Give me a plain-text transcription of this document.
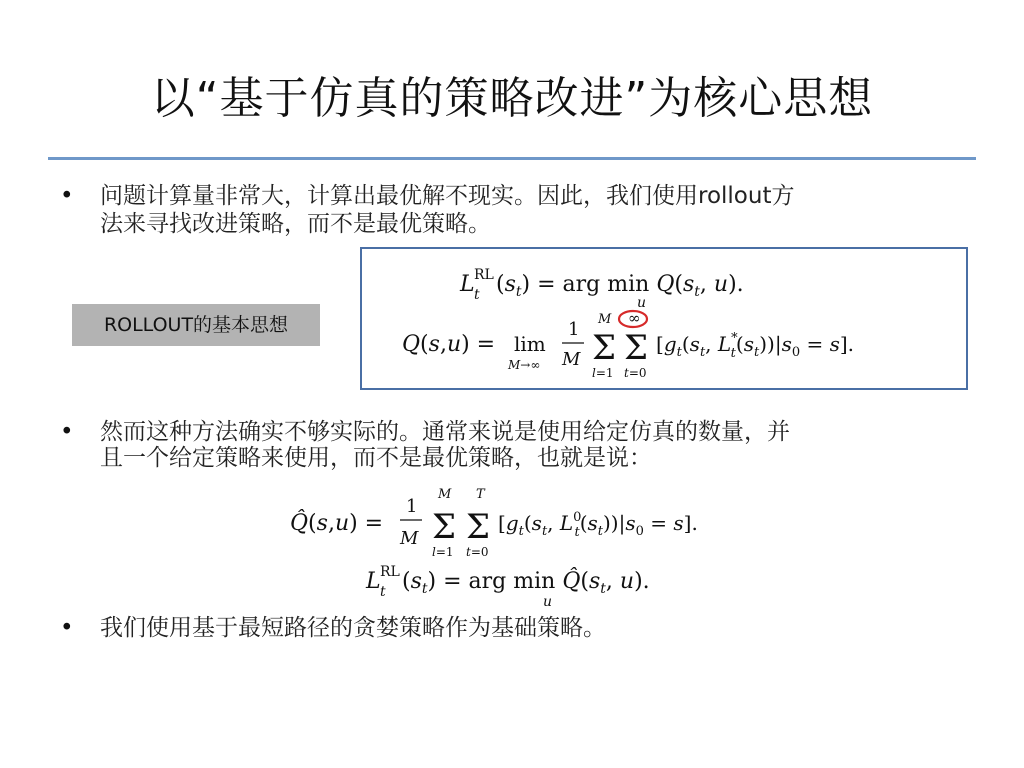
以“基于仿真的策略改进”为核心思想
• 问题计算量非常大，计算出最优解不现实。因此，我们使用rollout方
法来寻找改进策略，而不是最优策略。
ROLLOUT的基本思想
L RL
t $(s_t)$ = arg $\min Q(s_t$, u).
u
Q(s,u) = lim
M→∞
1
M
M
Σ
l=1
∞
Σ
t=0
[$g_t(s_t$, L* $t(s_t))|s_0 = s$].
• 然而这种方法确实不够实际的。通常来说是使用给定仿真的数量，并
且一个给定策略来使用，而不是最优策略，也就是说：
Q̂(s,u) =
1
M
M
Σ
l=1
T
Σ
t=0
[$g_t(s_t$, $L^0$ $t(s_t))|s_0 = s$].
L RL
t $(s_t)$ = arg $\min Q̂(s_t$, u).
u
• 我们使用基于最短路径的贪婪策略作为基础策略。
